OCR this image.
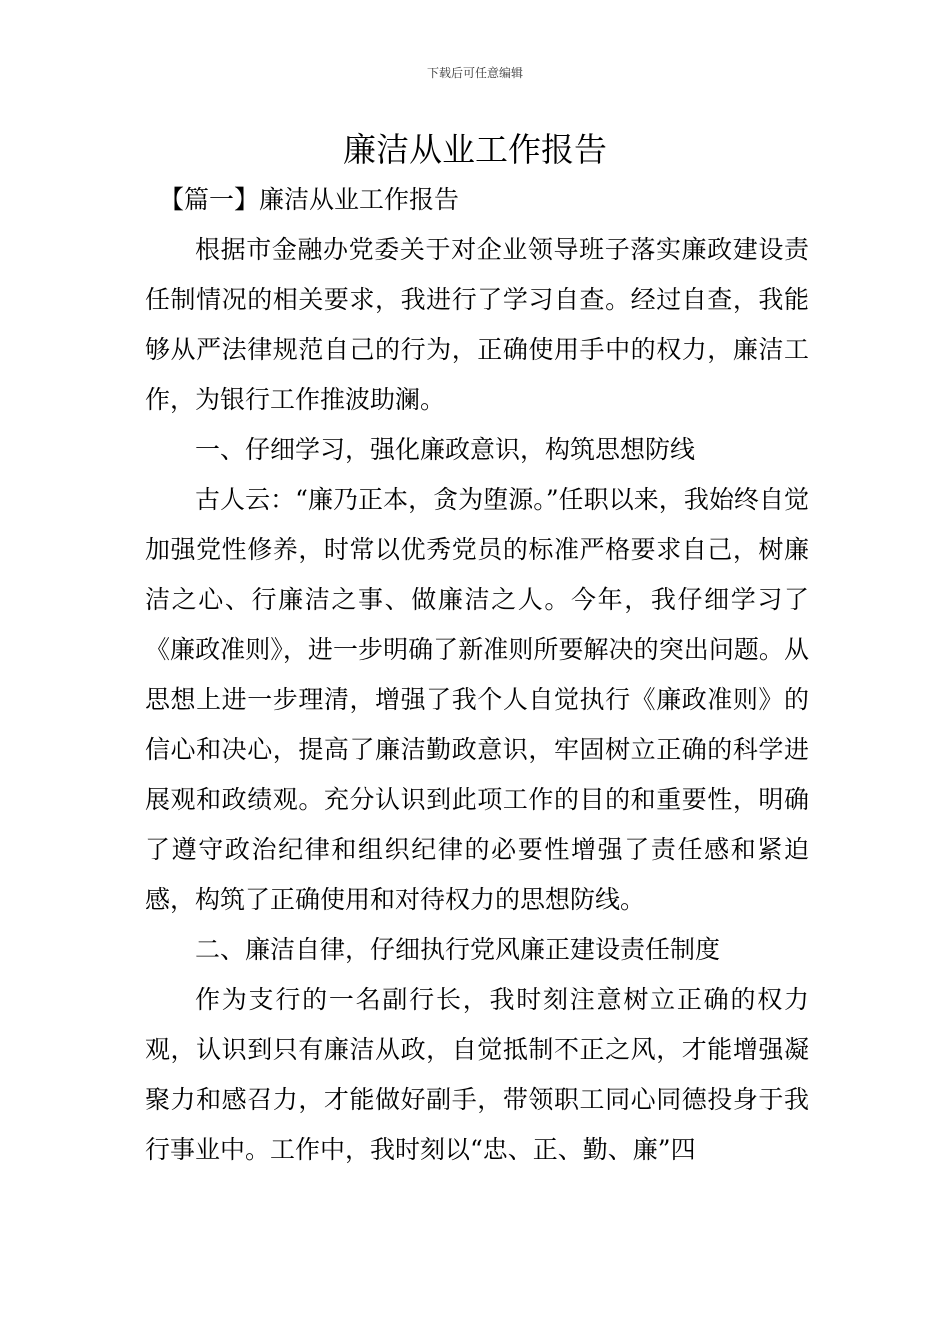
下载后可任意编辑
廉洁从业工作报告

【篇一】廉洁从业工作报告

根据市金融办党委关于对企业领导班子落实廉政建设责任制情况的相关要求，我进行了学习自查。经过自查，我能够从严法律规范自己的行为，正确使用手中的权力，廉洁工作，为银行工作推波助澜。

一、仔细学习，强化廉政意识，构筑思想防线

古人云：“廉乃正本，贪为堕源。”任职以来，我始终自觉加强党性修养，时常以优秀党员的标准严格要求自己，树廉洁之心、行廉洁之事、做廉洁之人。今年，我仔细学习了《廉政准则》，进一步明确了新准则所要解决的突出问题。从思想上进一步理清，增强了我个人自觉执行《廉政准则》的信心和决心，提高了廉洁勤政意识，牢固树立正确的科学进展观和政绩观。充分认识到此项工作的目的和重要性，明确了遵守政治纪律和组织纪律的必要性增强了责任感和紧迫感，构筑了正确使用和对待权力的思想防线。

二、廉洁自律，仔细执行党风廉正建设责任制度

作为支行的一名副行长，我时刻注意树立正确的权力观，认识到只有廉洁从政，自觉抵制不正之风，才能增强凝聚力和感召力，才能做好副手，带领职工同心同德投身于我行事业中。工作中，我时刻以“忠、正、勤、廉”四
